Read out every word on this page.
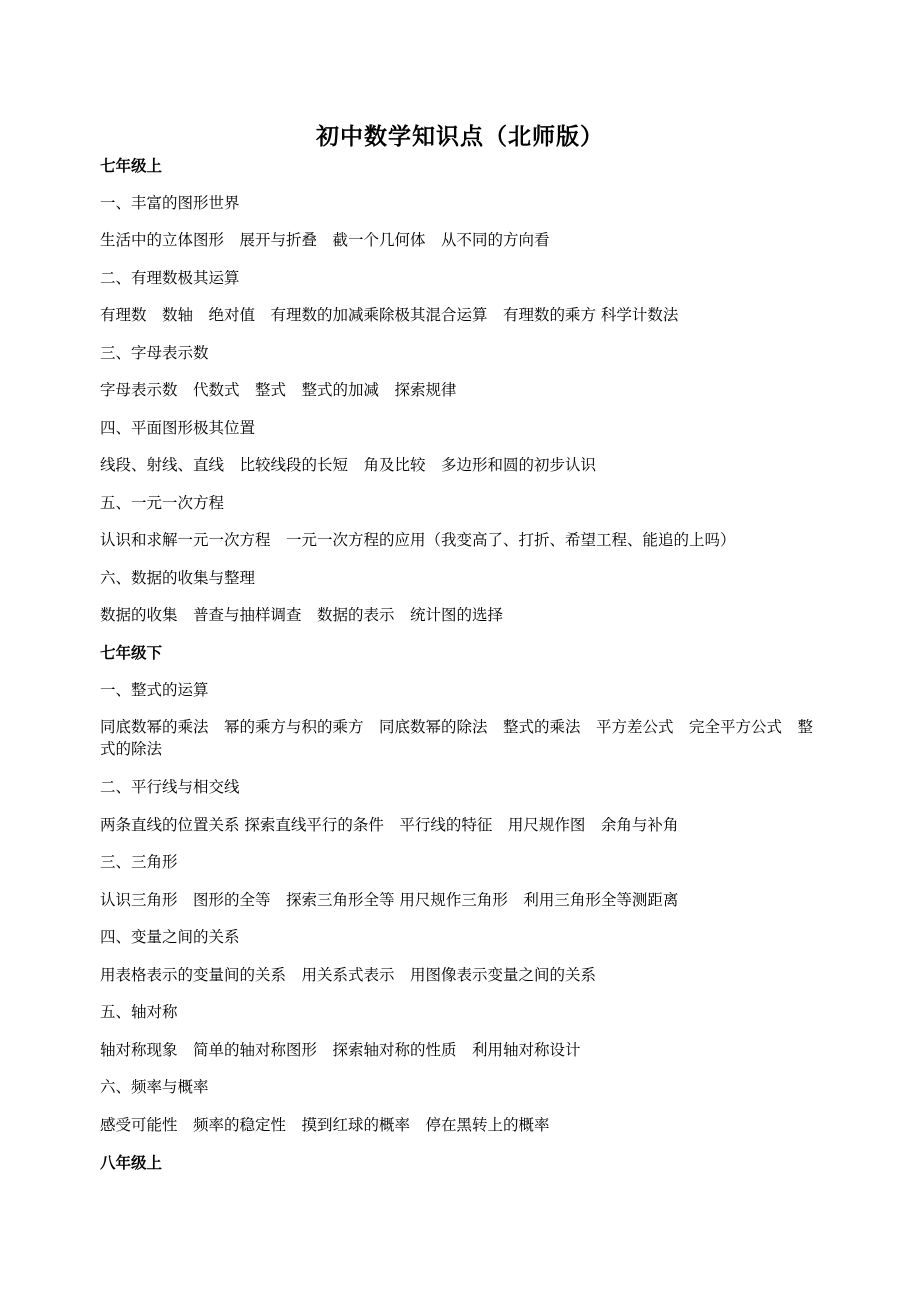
初中数学知识点（北师版）
七年级上
一、丰富的图形世界
生活中的立体图形　展开与折叠　截一个几何体　从不同的方向看
二、有理数极其运算
有理数　数轴　绝对值　有理数的加减乘除极其混合运算　有理数的乘方 科学计数法
三、字母表示数
字母表示数　代数式　整式　整式的加减　探索规律
四、平面图形极其位置
线段、射线、直线　比较线段的长短　角及比较　多边形和圆的初步认识
五、一元一次方程
认识和求解一元一次方程　一元一次方程的应用（我变高了、打折、希望工程、能追的上吗）
六、数据的收集与整理
数据的收集　普查与抽样调查　数据的表示　统计图的选择
七年级下
一、整式的运算
同底数幂的乘法　幂的乘方与积的乘方　同底数幂的除法　整式的乘法　平方差公式　完全平方公式　整式的除法
二、平行线与相交线
两条直线的位置关系 探索直线平行的条件　平行线的特征　用尺规作图　余角与补角
三、三角形
认识三角形　图形的全等　探索三角形全等 用尺规作三角形　利用三角形全等测距离
四、变量之间的关系
用表格表示的变量间的关系　用关系式表示　用图像表示变量之间的关系
五、轴对称
轴对称现象　简单的轴对称图形　探索轴对称的性质　利用轴对称设计
六、频率与概率
感受可能性　频率的稳定性　摸到红球的概率　停在黑转上的概率
八年级上
